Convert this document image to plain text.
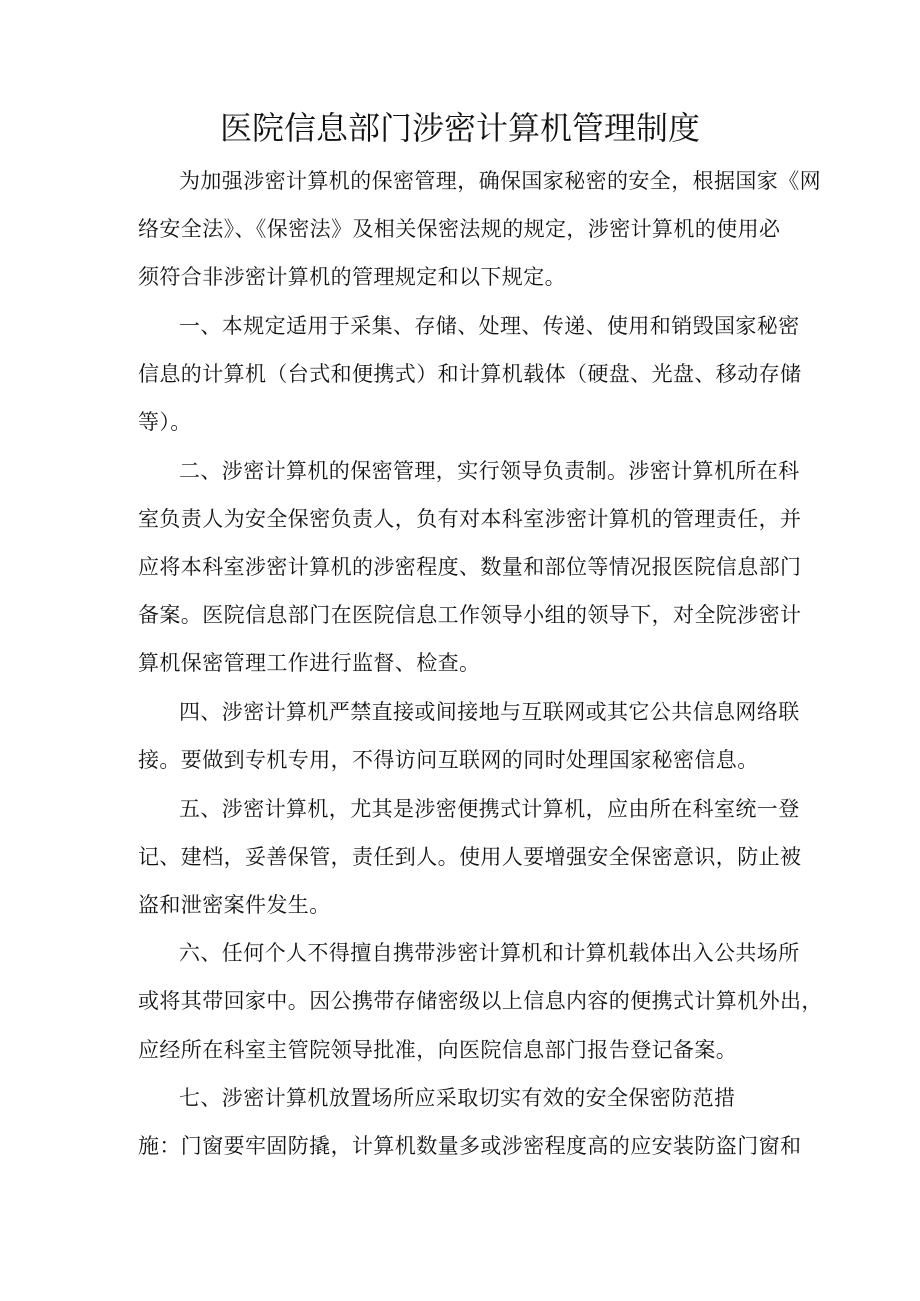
医院信息部门涉密计算机管理制度

为加强涉密计算机的保密管理，确保国家秘密的安全，根据国家《网

络安全法》、《保密法》及相关保密法规的规定，涉密计算机的使用必

须符合非涉密计算机的管理规定和以下规定。

一、本规定适用于采集、存储、处理、传递、使用和销毁国家秘密

信息的计算机（台式和便携式）和计算机载体（硬盘、光盘、移动存储

等）。

二、涉密计算机的保密管理，实行领导负责制。涉密计算机所在科

室负责人为安全保密负责人，负有对本科室涉密计算机的管理责任，并

应将本科室涉密计算机的涉密程度、数量和部位等情况报医院信息部门

备案。医院信息部门在医院信息工作领导小组的领导下，对全院涉密计

算机保密管理工作进行监督、检查。

四、涉密计算机严禁直接或间接地与互联网或其它公共信息网络联

接。要做到专机专用，不得访问互联网的同时处理国家秘密信息。

五、涉密计算机，尤其是涉密便携式计算机，应由所在科室统一登

记、建档，妥善保管，责任到人。使用人要增强安全保密意识，防止被

盗和泄密案件发生。

六、任何个人不得擅自携带涉密计算机和计算机载体出入公共场所

或将其带回家中。因公携带存储密级以上信息内容的便携式计算机外出，

应经所在科室主管院领导批准，向医院信息部门报告登记备案。

七、涉密计算机放置场所应采取切实有效的安全保密防范措

施：门窗要牢固防撬，计算机数量多或涉密程度高的应安装防盗门窗和
